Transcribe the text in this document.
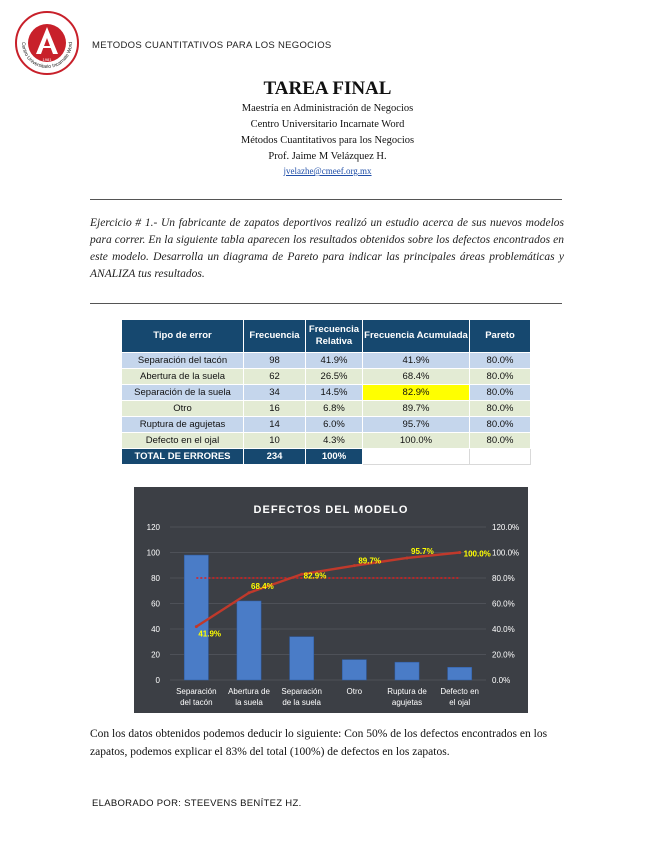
Centro Universitario Incarnate Word
1981
METODOS CUANTITATIVOS PARA LOS NEGOCIOS
TAREA FINAL
Maestría en Administración de Negocios
Centro Universitario Incarnate Word
Métodos Cuantitativos para los Negocios
Prof. Jaime M Velázquez H.
jvelazhe@cmeef.org.mx
Ejercicio # 1.- Un fabricante de zapatos deportivos realizó un estudio acerca de sus nuevos modelos para correr. En la siguiente tabla aparecen los resultados obtenidos sobre los defectos encontrados en este modelo. Desarrolla un diagrama de Pareto para indicar las principales áreas problemáticas y ANALIZA tus resultados.
Tipo de error	Frecuencia	Frecuencia Relativa	Frecuencia Acumulada	Pareto
Separación del tacón	98	41.9%	41.9%	80.0%
Abertura de la suela	62	26.5%	68.4%	80.0%
Separación de la suela	34	14.5%	82.9%	80.0%
Otro	16	6.8%	89.7%	80.0%
Ruptura de agujetas	14	6.0%	95.7%	80.0%
Defecto en el ojal	10	4.3%	100.0%	80.0%
TOTAL DE ERRORES	234	100%		
DEFECTOS DEL MODELO
0	0.0%
20	20.0%
40	40.0%
60	60.0%
80	80.0%
100	100.0%
120	120.0%
Separación
del tacón
Abertura de
la suela
Separación
de la suela
Otro	Ruptura de
agujetas
Defecto en
el ojal
41.9%
68.4%
82.9%
89.7%
95.7%	100.0%
Con los datos obtenidos podemos deducir lo siguiente: Con 50% de los defectos encontrados en los zapatos, podemos explicar el 83% del total (100%) de defectos en los zapatos.
ELABORADO POR: STEEVENS BENÍTEZ HZ.
